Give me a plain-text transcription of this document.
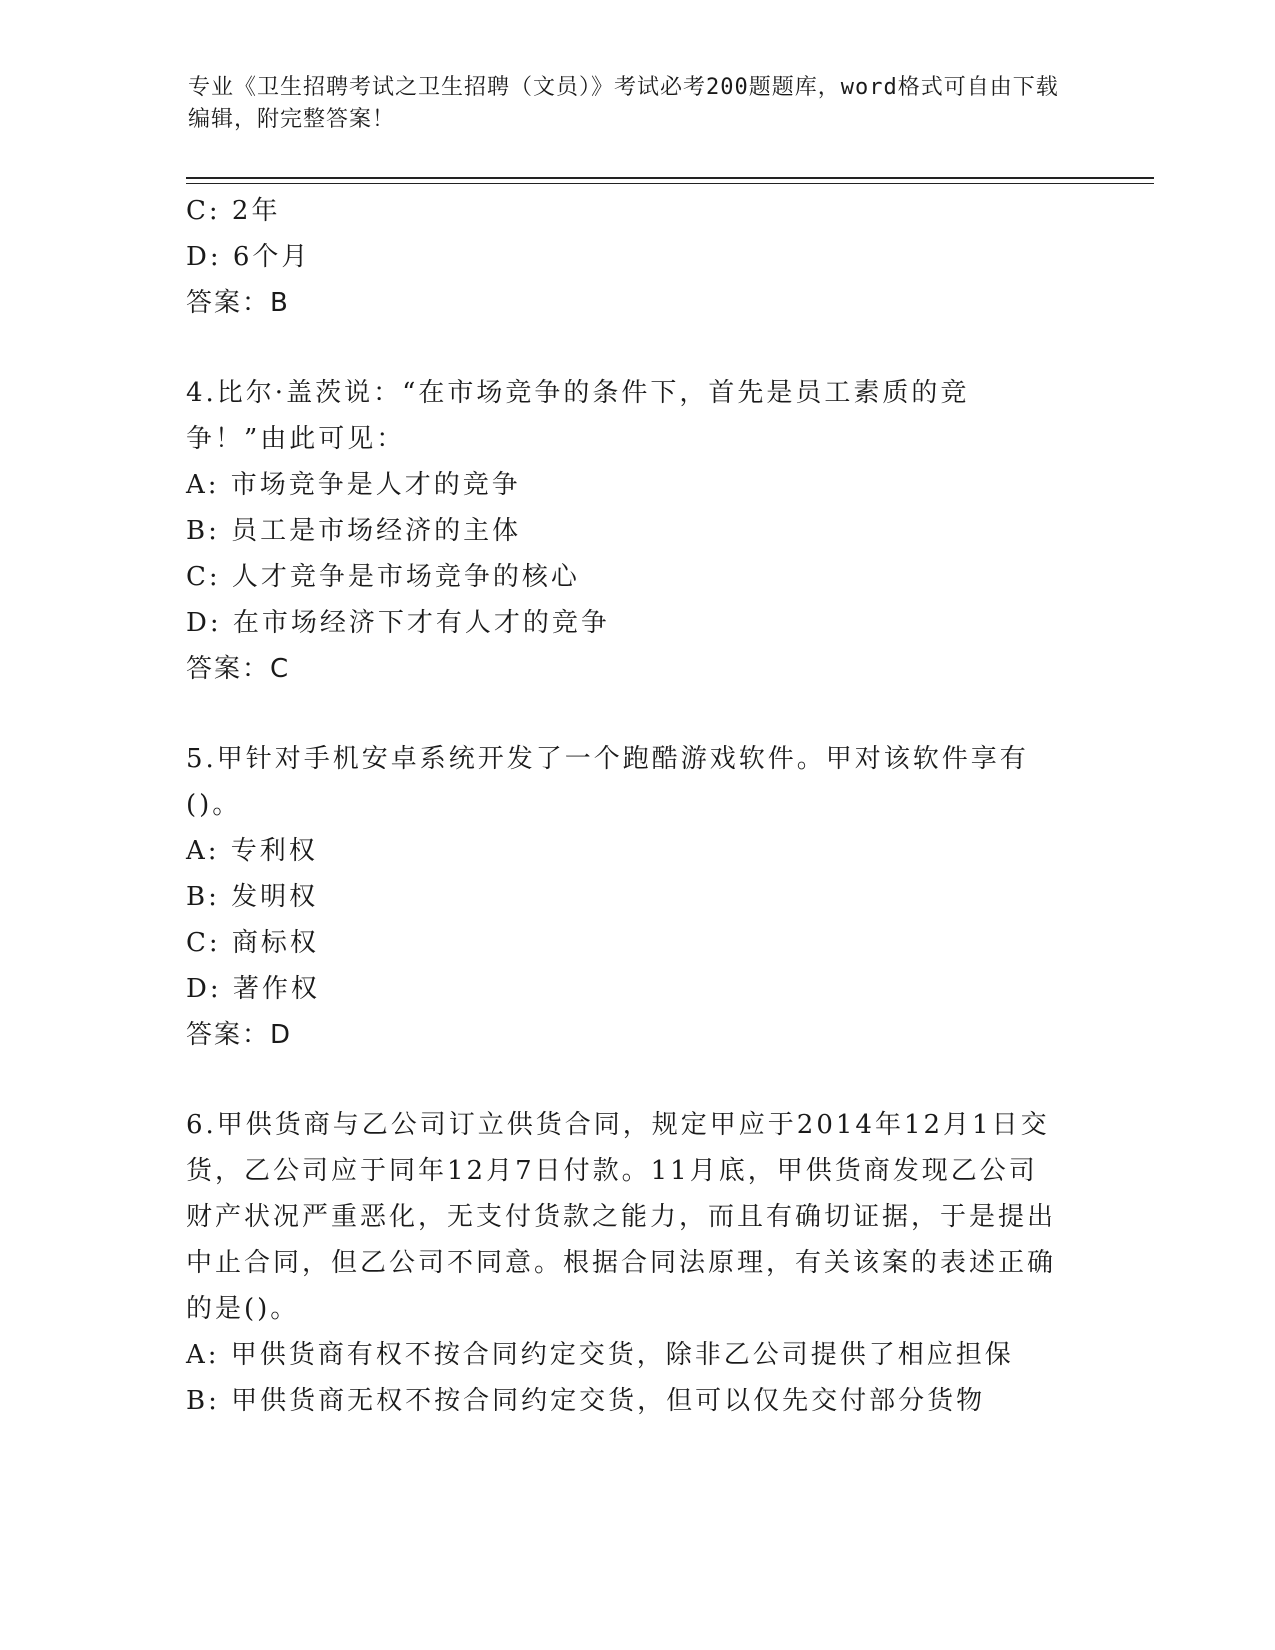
专业《卫生招聘考试之卫生招聘（文员）》考试必考200题题库，word格式可自由下载编辑，附完整答案！
C: 2年
D: 6个月
答案：B
4.比尔·盖茨说：“在市场竞争的条件下，首先是员工素质的竞争！”由此可见：
A: 市场竞争是人才的竞争
B: 员工是市场经济的主体
C: 人才竞争是市场竞争的核心
D: 在市场经济下才有人才的竞争
答案：C
5.甲针对手机安卓系统开发了一个跑酷游戏软件。甲对该软件享有()。
A: 专利权
B: 发明权
C: 商标权
D: 著作权
答案：D
6.甲供货商与乙公司订立供货合同，规定甲应于2014年12月1日交货，乙公司应于同年12月7日付款。11月底，甲供货商发现乙公司财产状况严重恶化，无支付货款之能力，而且有确切证据，于是提出中止合同，但乙公司不同意。根据合同法原理，有关该案的表述正确的是()。
A: 甲供货商有权不按合同约定交货，除非乙公司提供了相应担保
B: 甲供货商无权不按合同约定交货，但可以仅先交付部分货物
